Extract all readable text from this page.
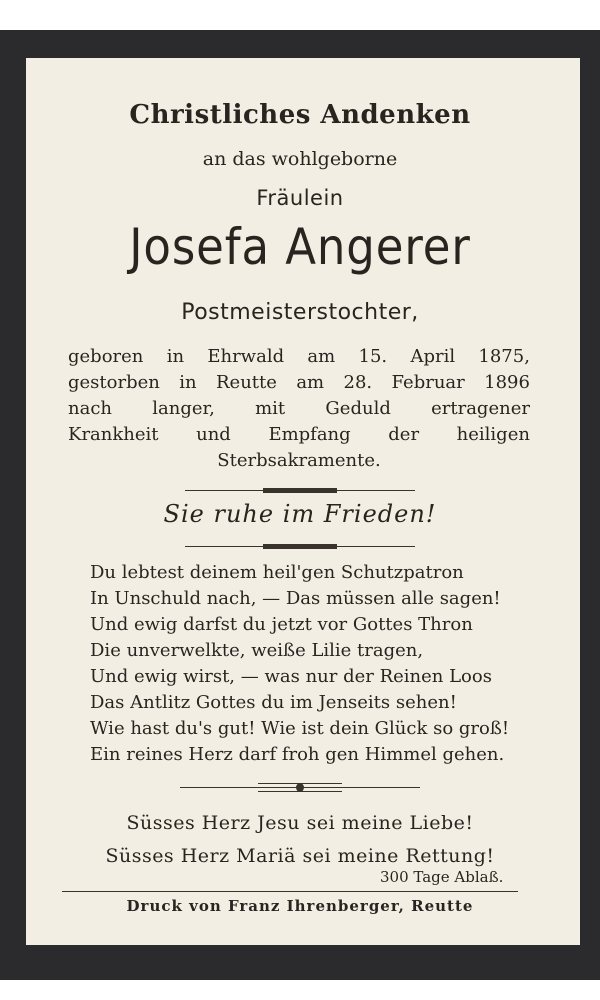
Christliches Andenken
an das wohlgeborne
Fräulein
Josefa Angerer
Postmeisterstochter,
geboren in Ehrwald am 15. April 1875,
gestorben in Reutte am 28. Februar 1896
nach langer, mit Geduld ertragener
Krankheit und Empfang der heiligen
Sterbsakramente.
Sie ruhe im Frieden!
Du lebtest deinem heil'gen Schutzpatron
In Unschuld nach, — Das müssen alle sagen!
Und ewig darfst du jetzt vor Gottes Thron
Die unverwelkte, weiße Lilie tragen,
Und ewig wirst, — was nur der Reinen Loos
Das Antlitz Gottes du im Jenseits sehen!
Wie hast du's gut! Wie ist dein Glück so groß!
Ein reines Herz darf froh gen Himmel gehen.
Süsses Herz Jesu sei meine Liebe!
Süsses Herz Mariä sei meine Rettung!
300 Tage Ablaß.
Druck von Franz Ihrenberger, Reutte
